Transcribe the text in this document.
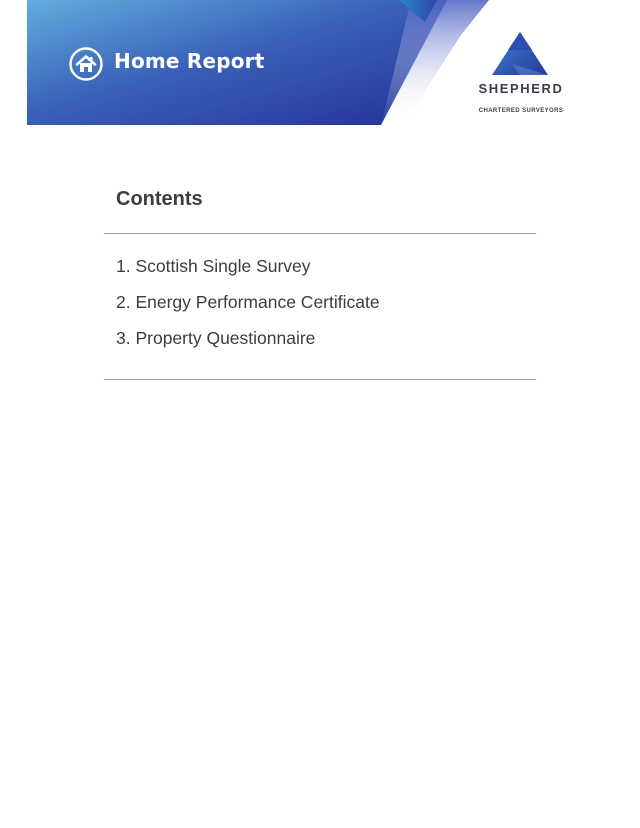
Home Report
SHEPHERD
CHARTERED SURVEYORS
Contents
1. Scottish Single Survey
2. Energy Performance Certificate
3. Property Questionnaire
